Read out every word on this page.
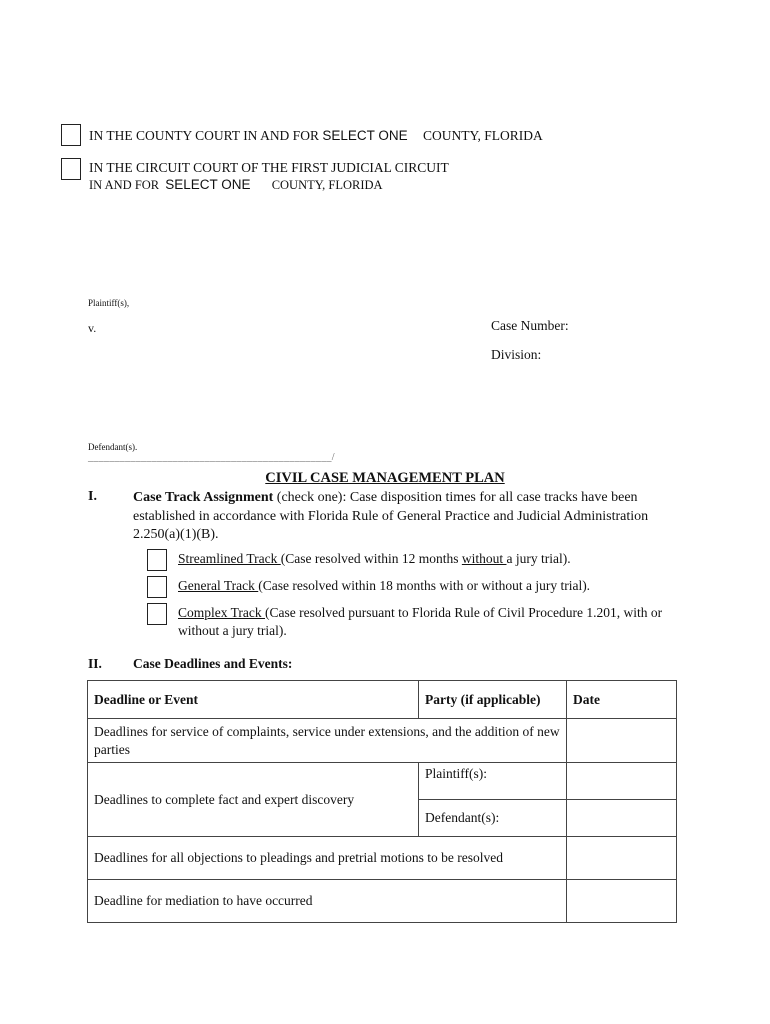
IN THE COUNTY COURT IN AND FOR SELECT ONE COUNTY, FLORIDA
IN THE CIRCUIT COURT OF THE FIRST JUDICIAL CIRCUIT
IN AND FOR SELECT ONE COUNTY, FLORIDA
Plaintiff(s),
v.	Case Number:
Division:
Defendant(s).
______________________________________________/
CIVIL CASE MANAGEMENT PLAN
I.	Case Track Assignment (check one): Case disposition times for all case tracks have been established in accordance with Florida Rule of General Practice and Judicial Administration 2.250(a)(1)(B).
Streamlined Track (Case resolved within 12 months without a jury trial).
General Track (Case resolved within 18 months with or without a jury trial).
Complex Track (Case resolved pursuant to Florida Rule of Civil Procedure 1.201, with or without a jury trial).
II. Case Deadlines and Events:
Deadline or Event	Party (if applicable)	Date
Deadlines for service of complaints, service under extensions, and the addition of new parties		
Deadlines to complete fact and expert discovery	Plaintiff(s):	
	Defendant(s):	
Deadlines for all objections to pleadings and pretrial motions to be resolved		
Deadline for mediation to have occurred		
